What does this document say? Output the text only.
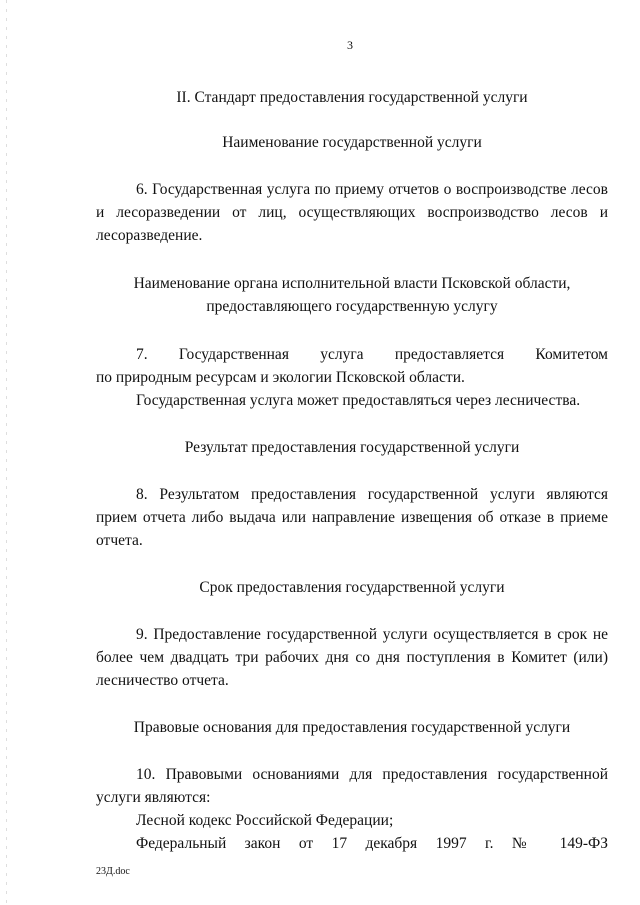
3
II. Стандарт предоставления государственной услуги
Наименование государственной услуги
6. Государственная услуга по приему отчетов о воспроизводстве лесов и лесоразведении от лиц, осуществляющих воспроизводство лесов и лесоразведение.
Наименование органа исполнительной власти Псковской области,
предоставляющего государственную услугу
7. Государственная услуга предоставляется Комитетом
по природным ресурсам и экологии Псковской области.
Государственная услуга может предоставляться через лесничества.
Результат предоставления государственной услуги
8. Результатом предоставления государственной услуги являются прием отчета либо выдача или направление извещения об отказе в приеме отчета.
Срок предоставления государственной услуги
9. Предоставление государственной услуги осуществляется в срок не более чем двадцать три рабочих дня со дня поступления в Комитет (или) лесничество отчета.
Правовые основания для предоставления государственной услуги
10. Правовыми основаниями для предоставления государственной услуги являются:
Лесной кодекс Российской Федерации;
Федеральный закон от 17 декабря 1997 г. № 149-ФЗ
23Д.doc
